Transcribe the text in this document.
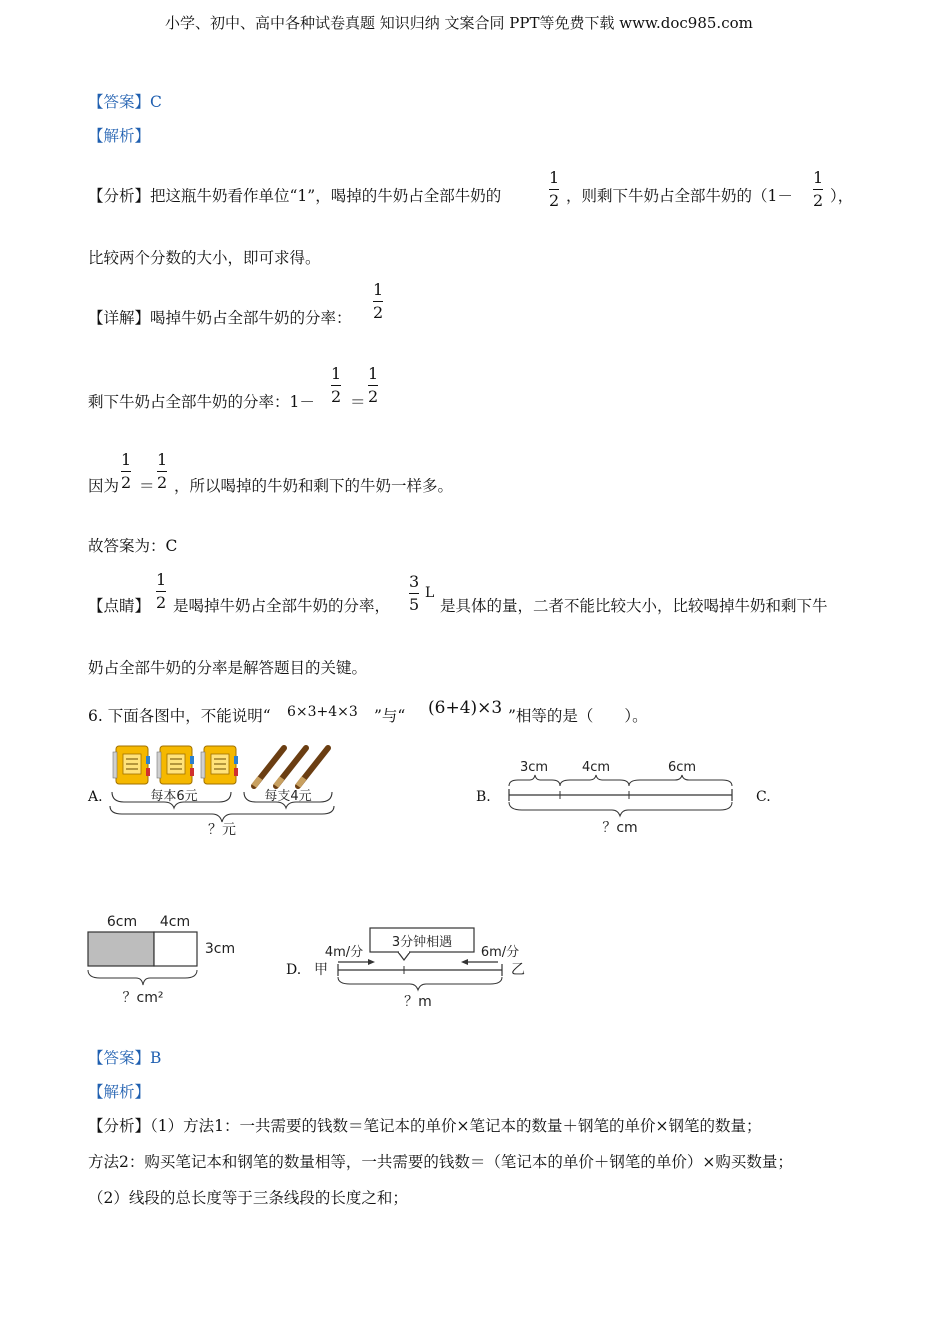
小学、初中、高中各种试卷真题 知识归纳 文案合同 PPT等免费下载 www.doc985.com
【答案】C
【解析】
【分析】把这瓶牛奶看作单位“1”，喝掉的牛奶占全部牛奶的	$\frac{1}{2}$ ，则剩下牛奶占全部牛奶的（$1- \frac{1}{2}$ ），
比较两个分数的大小，即可求得。
【详解】喝掉牛奶占全部牛奶的分率： $\frac{1}{2}$
剩下牛奶占全部牛奶的分率：$1- \frac{1}{2} = \frac{1}{2}$
因为 $\frac{1}{2} = \frac{1}{2}$ ，所以喝掉的牛奶和剩下的牛奶一样多。
故答案为：C
【点睛】 $\frac{1}{2}$ 是喝掉牛奶占全部牛奶的分率， $\frac{3}{5}$ L
是具体的量，二者不能比较大小，比较喝掉牛奶和剩下牛
奶占全部牛奶的分率是解答题目的关键。
6. 下面各图中，不能说明“ 6×3+4×3 ”与“ (6+4)×3 ”相等的是（　　）。
A.	每本6元	每支4元
？元
B.
3cm	4cm	6cm
？cm
C.
6cm 4cm
3cm
？cm²
D.
3分钟相遇
4m/分	6m/分
甲	乙
？m
【答案】B
【解析】
【分析】（1）方法1：一共需要的钱数＝笔记本的单价×笔记本的数量＋钢笔的单价×钢笔的数量；
方法2：购买笔记本和钢笔的数量相等，一共需要的钱数＝（笔记本的单价＋钢笔的单价）×购买数量；
（2）线段的总长度等于三条线段的长度之和；
